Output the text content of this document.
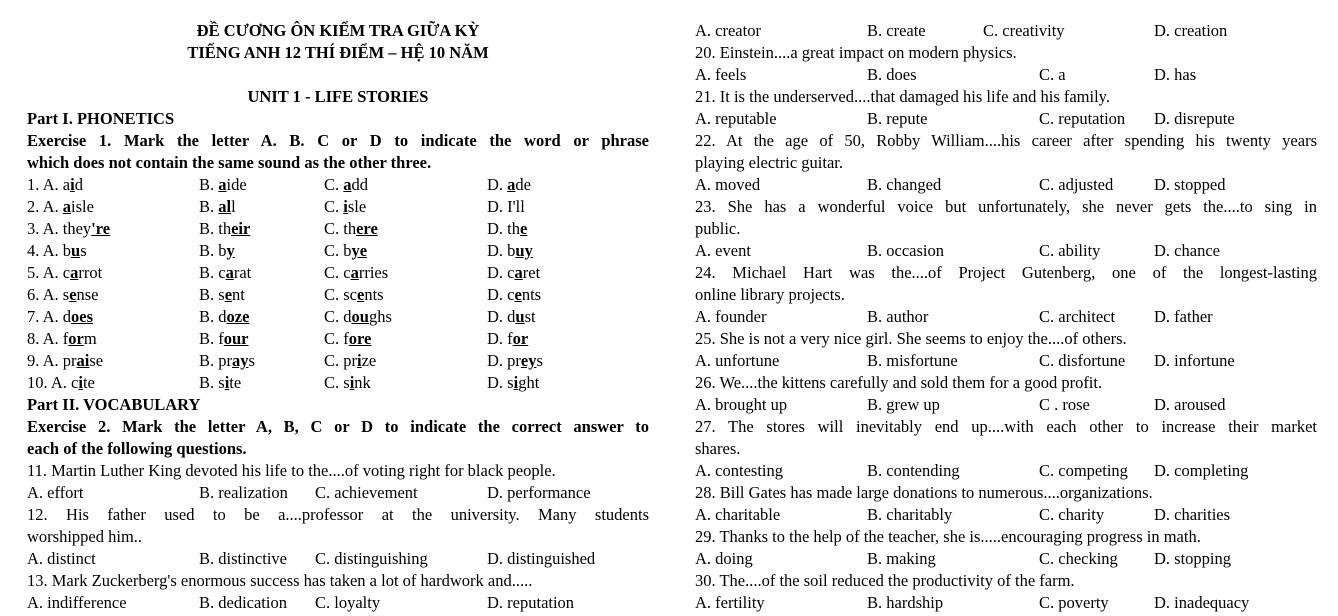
ĐỀ CƯƠNG ÔN KIỂM TRA GIỮA KỲ
TIẾNG ANH 12 THÍ ĐIỂM – HỆ 10 NĂM
UNIT 1 - LIFE STORIES
Part I. PHONETICS
Exercise 1. Mark the letter A. B. C or D to indicate the word or phrase
which does not contain the same sound as the other three.
1. A. aid	B. aide	C. add	D. ade
2. A. aisle	B. all	C. isle	D. I'll
3. A. they're	B. their	C. there	D. the
4. A. bus	B. by	C. bye	D. buy
5. A. carrot	B. carat	C. carries	D. caret
6. A. sense	B. sent	C. scents	D. cents
7. A. does	B. doze	C. doughs	D. dust
8. A. form	B. four	C. fore	D. for
9. A. praise	B. prays	C. prize	D. preys
10. A. cite	B. site	C. sink	D. sight
Part II. VOCABULARY
Exercise 2. Mark the letter A, B, C or D to indicate the correct answer to
each of the following questions.
11. Martin Luther King devoted his life to the....of voting right for black people.
A. effort	B. realization C. achievement	D. performance
12. His father used to be a....professor at the university. Many students
worshipped him..
A. distinct	B. distinctive C. distinguishing	D. distinguished
13. Mark Zuckerberg's enormous success has taken a lot of hardwork and.....
A. indifference	B. dedication C. loyalty	D. reputation
A. creator	B. create	C. creativity	D. creation
20. Einstein....a great impact on modern physics.
A. feels	B. does	C. a	D. has
21. It is the underserved....that damaged his life and his family.
A. reputable	B. repute	C. reputation D. disrepute
22. At the age of 50, Robby William....his career after spending his twenty years
playing electric guitar.
A. moved	B. changed	C. adjusted D. stopped
23. She has a wonderful voice but unfortunately, she never gets the....to sing in
public.
A. event	B. occasion	C. ability	D. chance
24. Michael Hart was the....of Project Gutenberg, one of the longest-lasting
online library projects.
A. founder	B. author	C. architect D. father
25. She is not a very nice girl. She seems to enjoy the....of others.
A. unfortune	B. misfortune	C. disfortune D. infortune
26. We....the kittens carefully and sold them for a good profit.
A. brought up	B. grew up	C . rose	D. aroused
27. The stores will inevitably end up....with each other to increase their market
shares.
A. contesting	B. contending	C. competing D. completing
28. Bill Gates has made large donations to numerous....organizations.
A. charitable	B. charitably	C. charity	D. charities
29. Thanks to the help of the teacher, she is.....encouraging progress in math.
A. doing	B. making	C. checking D. stopping
30. The....of the soil reduced the productivity of the farm.
A. fertility	B. hardship	C. poverty	D. inadequacy
